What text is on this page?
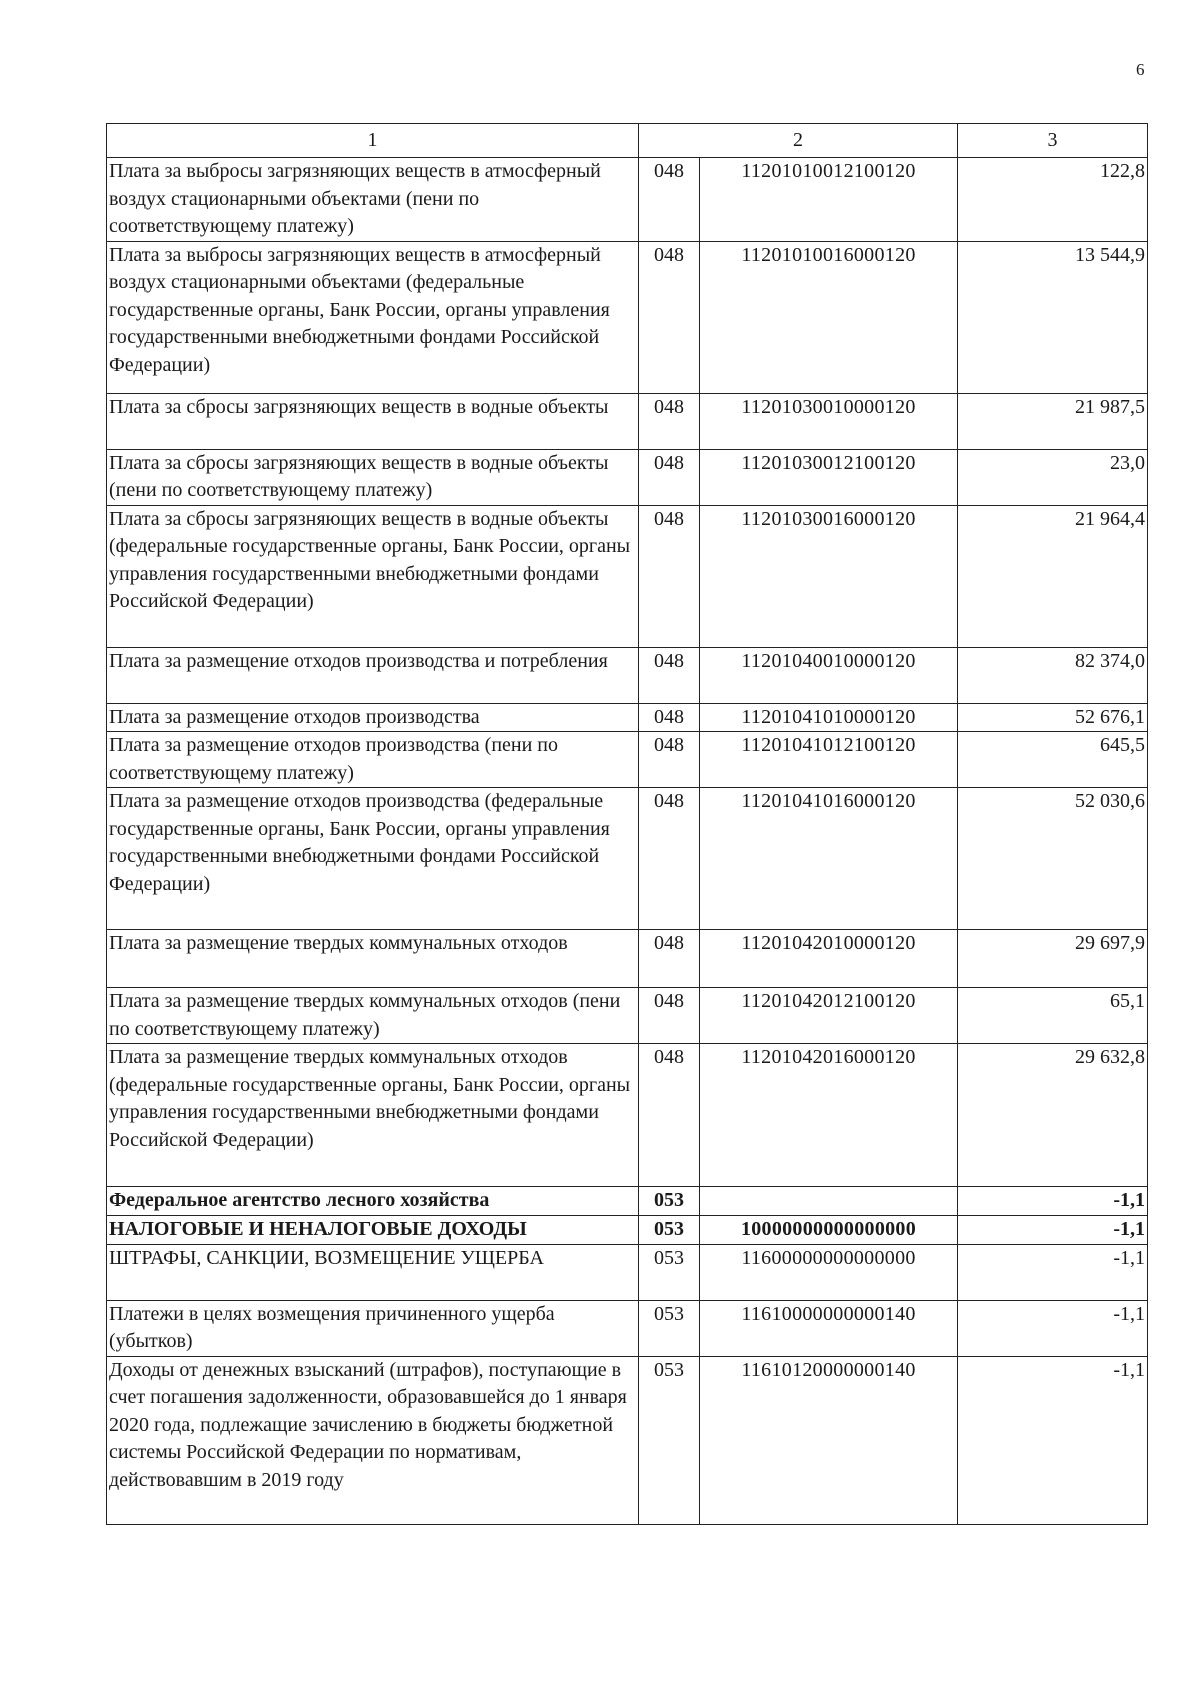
6
1	2		3
Плата за выбросы загрязняющих веществ в атмосферный воздух стационарными объектами (пени по соответствующему платежу)	048	11201010012100120	122,8
Плата за выбросы загрязняющих веществ в атмосферный воздух стационарными объектами (федеральные государственные органы, Банк России, органы управления государственными внебюджетными фондами Российской Федерации)	048	11201010016000120	13 544,9
Плата за сбросы загрязняющих веществ в водные объекты	048	11201030010000120	21 987,5
Плата за сбросы загрязняющих веществ в водные объекты (пени по соответствующему платежу)	048	11201030012100120	23,0
Плата за сбросы загрязняющих веществ в водные объекты (федеральные государственные органы, Банк России, органы управления государственными внебюджетными фондами Российской Федерации)	048	11201030016000120	21 964,4
Плата за размещение отходов производства и потребления	048	11201040010000120	82 374,0
Плата за размещение отходов производства	048	11201041010000120	52 676,1
Плата за размещение отходов производства (пени по соответствующему платежу)	048	11201041012100120	645,5
Плата за размещение отходов производства (федеральные государственные органы, Банк России, органы управления государственными внебюджетными фондами Российской Федерации)	048	11201041016000120	52 030,6
Плата за размещение твердых коммунальных отходов	048	11201042010000120	29 697,9
Плата за размещение твердых коммунальных отходов (пени по соответствующему платежу)	048	11201042012100120	65,1
Плата за размещение твердых коммунальных отходов (федеральные государственные органы, Банк России, органы управления государственными внебюджетными фондами Российской Федерации)	048	11201042016000120	29 632,8
Федеральное агентство лесного хозяйства	053		-1,1
НАЛОГОВЫЕ И НЕНАЛОГОВЫЕ ДОХОДЫ	053	10000000000000000	-1,1
ШТРАФЫ, САНКЦИИ, ВОЗМЕЩЕНИЕ УЩЕРБА	053	11600000000000000	-1,1
Платежи в целях возмещения причиненного ущерба (убытков)	053	11610000000000140	-1,1
Доходы от денежных взысканий (штрафов), поступающие в счет погашения задолженности, образовавшейся до 1 января 2020 года, подлежащие зачислению в бюджеты бюджетной системы Российской Федерации по нормативам, действовавшим в 2019 году	053	11610120000000140	-1,1
